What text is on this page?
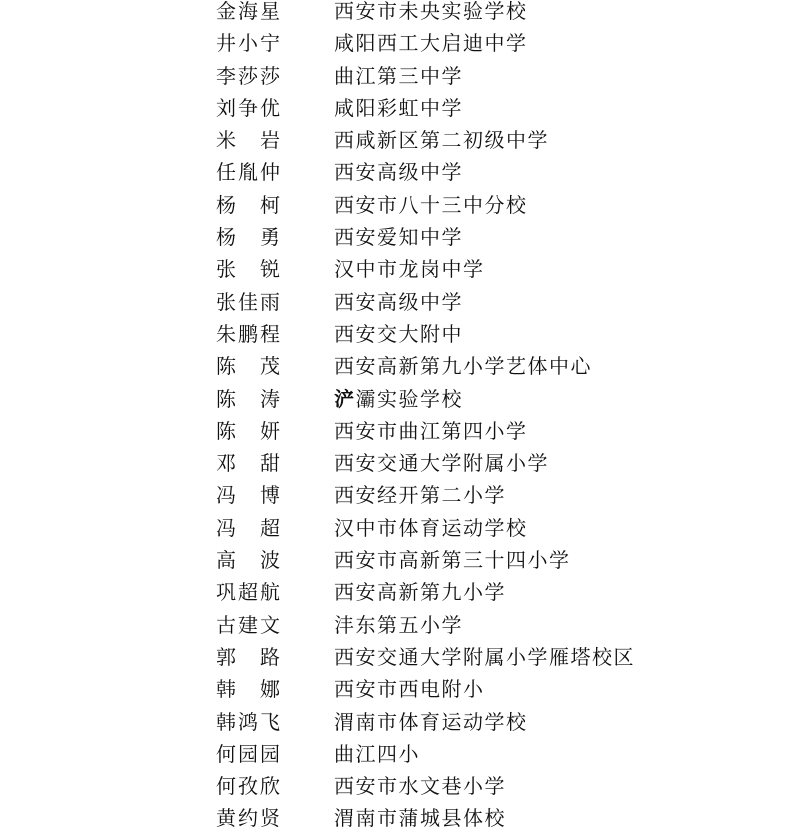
金海星	西安市未央实验学校
井小宁	咸阳西工大启迪中学
李莎莎	曲江第三中学
刘争优	咸阳彩虹中学
米　岩	西咸新区第二初级中学
任胤仲	西安高级中学
杨　柯	西安市八十三中分校
杨　勇	西安爱知中学
张　锐	汉中市龙岗中学
张佳雨	西安高级中学
朱鹏程	西安交大附中
陈　茂	西安高新第九小学艺体中心
陈　涛	浐灞实验学校
陈　妍	西安市曲江第四小学
邓　甜	西安交通大学附属小学
冯　博	西安经开第二小学
冯　超	汉中市体育运动学校
高　波	西安市高新第三十四小学
巩超航	西安高新第九小学
古建文	沣东第五小学
郭　路	西安交通大学附属小学雁塔校区
韩　娜	西安市西电附小
韩鸿飞	渭南市体育运动学校
何园园	曲江四小
何孜欣	西安市水文巷小学
黄约贤	渭南市蒲城县体校
